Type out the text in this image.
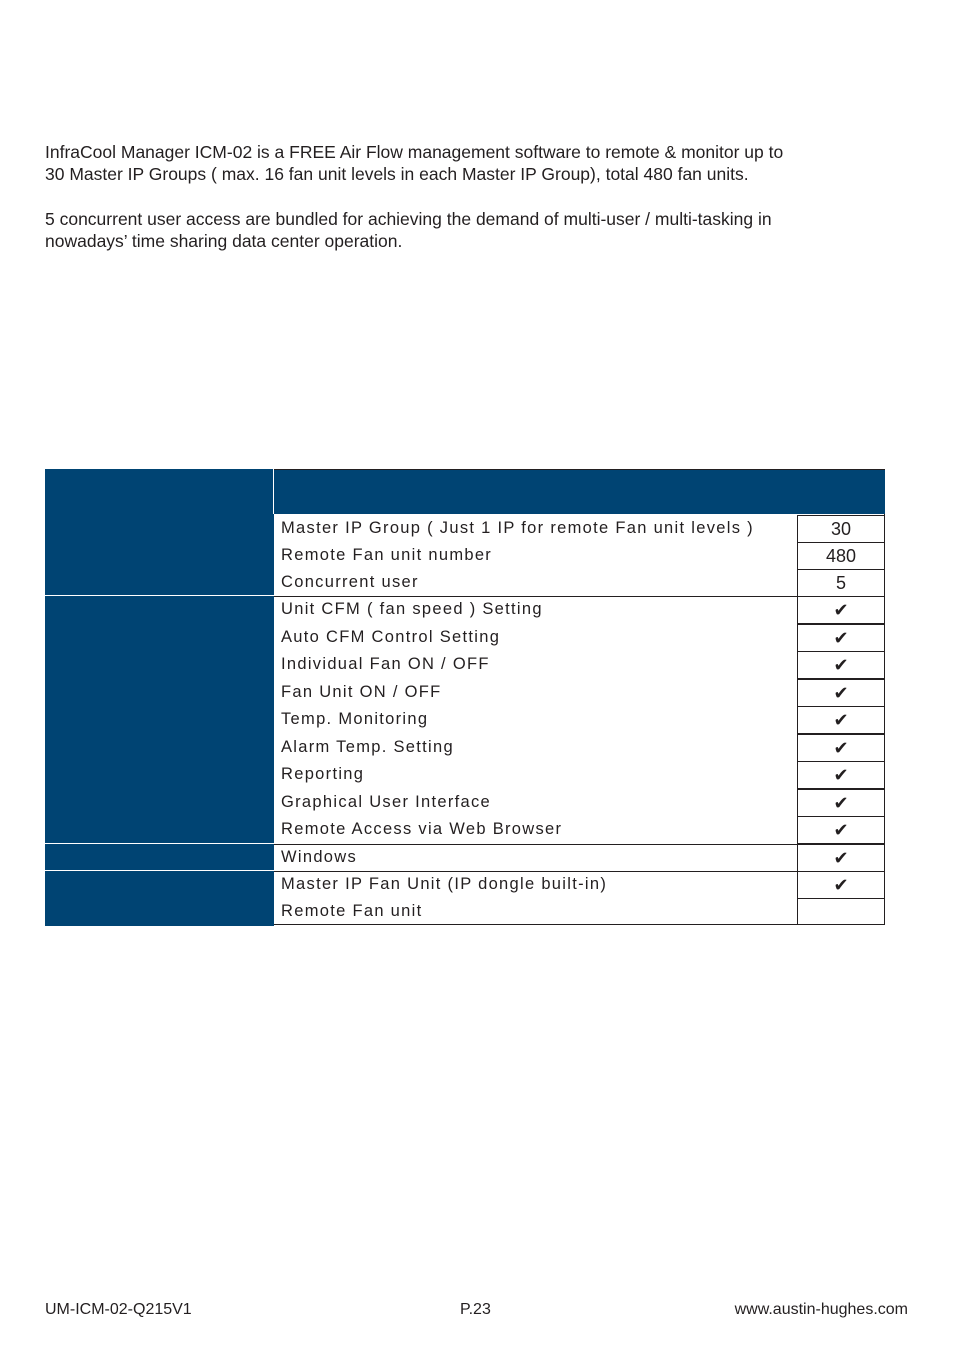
InfraCool Manager ICM-02 is a FREE Air Flow management software to remote & monitor up to
30 Master IP Groups ( max. 16 fan unit levels in each Master IP Group), total 480 fan units.

5 concurrent user access are bundled for achieving the demand of multi-user / multi-tasking in
nowadays’ time sharing data center operation.

Master IP Group ( Just 1 IP for remote Fan unit levels )
Remote Fan unit number
Concurrent user
Unit CFM ( fan speed ) Setting
Auto CFM Control Setting
Individual Fan ON / OFF
Fan Unit ON / OFF
Temp. Monitoring
Alarm Temp. Setting
Reporting
Graphical User Interface
Remote Access via Web Browser
Windows
Master IP Fan Unit (IP dongle built-in)
Remote Fan unit
30
480
5
✔
✔
✔
✔
✔
✔
✔
✔
✔
✔
✔
UM-ICM-02-Q215V1	P.23	www.austin-hughes.com
